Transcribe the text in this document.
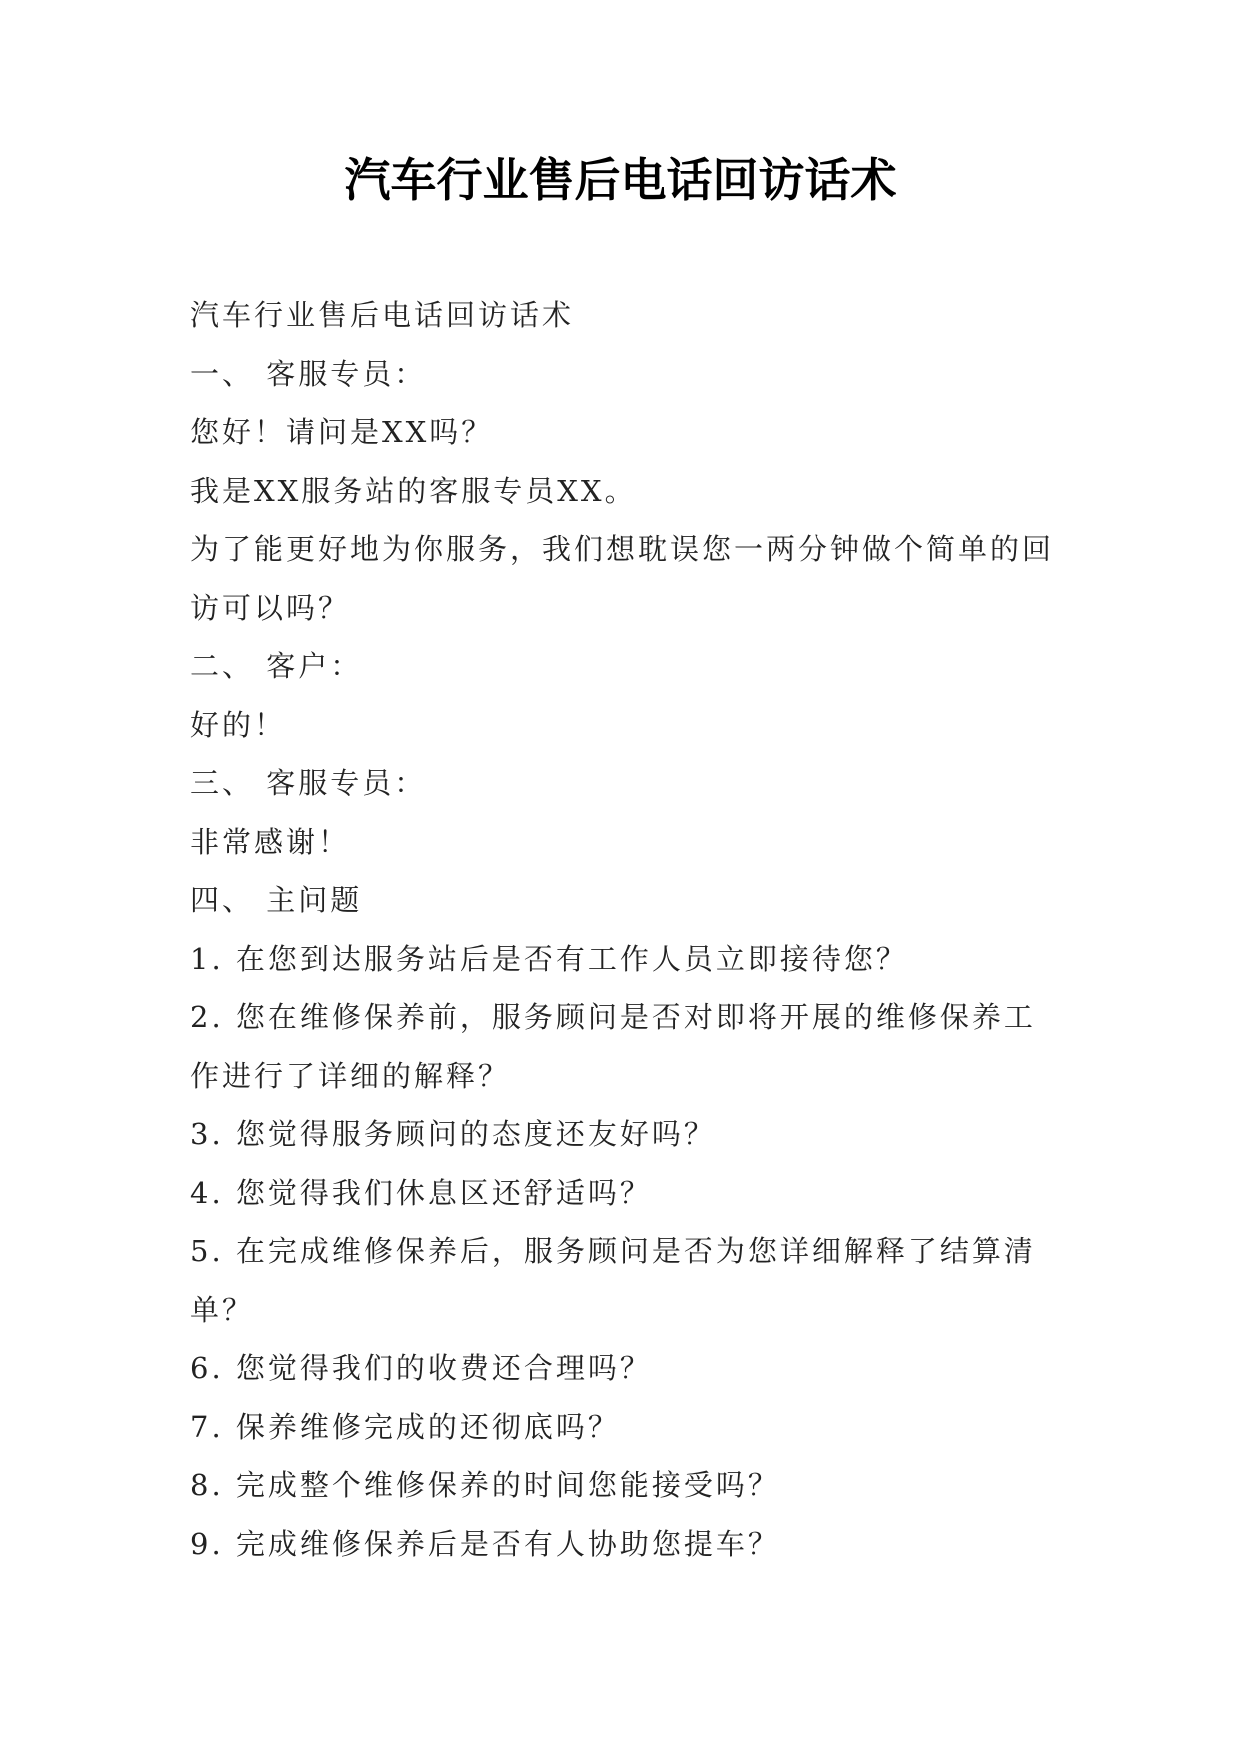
汽车行业售后电话回访话术

汽车行业售后电话回访话术

一、 客服专员：

您好！请问是XX吗？

我是XX服务站的客服专员XX。

为了能更好地为你服务，我们想耽误您一两分钟做个简单的回访可以吗？

二、 客户：

好的！

三、 客服专员：

非常感谢！

四、 主问题

1. 在您到达服务站后是否有工作人员立即接待您？

2. 您在维修保养前，服务顾问是否对即将开展的维修保养工作进行了详细的解释？

3. 您觉得服务顾问的态度还友好吗？

4. 您觉得我们休息区还舒适吗？

5. 在完成维修保养后，服务顾问是否为您详细解释了结算清单？

6. 您觉得我们的收费还合理吗？

7. 保养维修完成的还彻底吗？

8. 完成整个维修保养的时间您能接受吗？

9. 完成维修保养后是否有人协助您提车？
